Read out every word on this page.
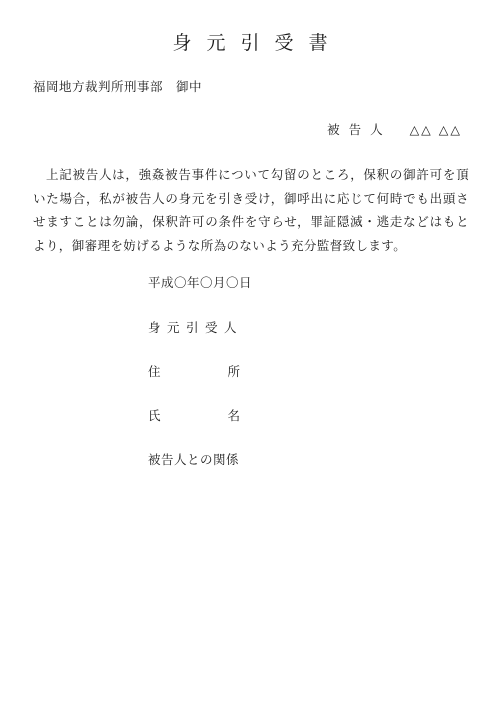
身元引受書
福岡地方裁判所刑事部　御中
被告人 △△ △△
上記被告人は，強姦被告事件について勾留のところ，保釈の御許可を頂いた場合，私が被告人の身元を引き受け，御呼出に応じて何時でも出頭させますことは勿論，保釈許可の条件を守らせ，罪証隠滅・逃走などはもとより，御審理を妨げるような所為のないよう充分監督致します。
平成〇年〇月〇日
身元引受人
住	所
氏	名
被告人との関係
